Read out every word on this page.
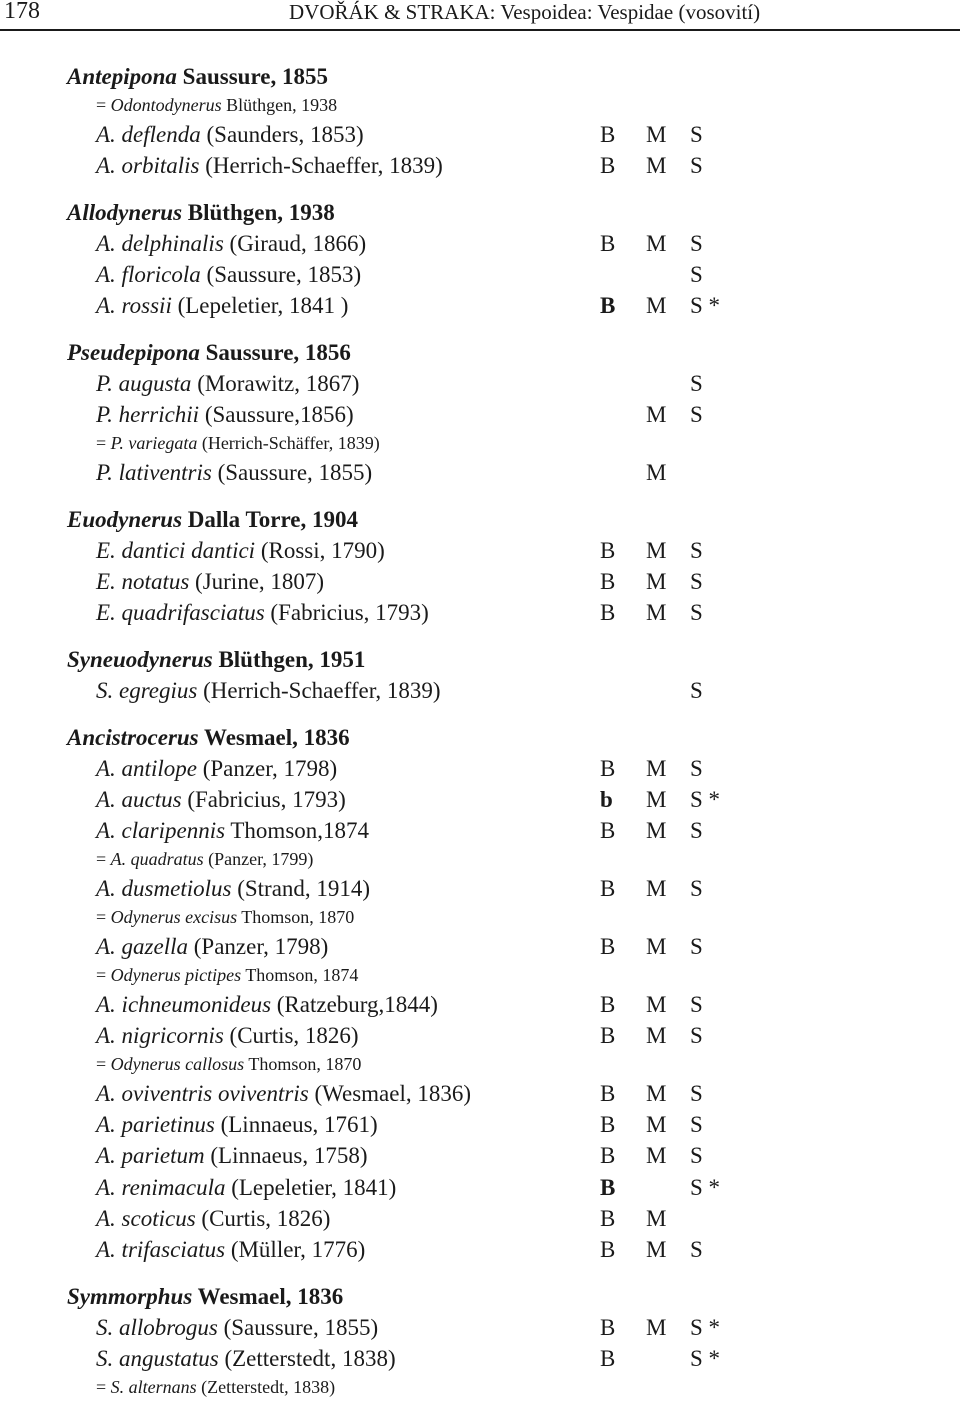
178	DVOŘÁK & STRAKA: Vespoidea: Vespidae (vosovití)
Antepipona Saussure, 1855
= Odontodynerus Blüthgen, 1938
A. deflenda (Saunders, 1853)	B M S
A. orbitalis (Herrich-Schaeffer, 1839)	B M S
Allodynerus Blüthgen, 1938
A. delphinalis (Giraud, 1866)	B M S
A. floricola (Saussure, 1853)	S
A. rossii (Lepeletier, 1841 )	B M S *
Pseudepipona Saussure, 1856
P. augusta (Morawitz, 1867)	S
P. herrichii (Saussure,1856)	M S
= P. variegata (Herrich-Schäffer, 1839)
P. lativentris (Saussure, 1855)	M
Euodynerus Dalla Torre, 1904
E. dantici dantici (Rossi, 1790)	B M S
E. notatus (Jurine, 1807)	B M S
E. quadrifasciatus (Fabricius, 1793)	B M S
Syneuodynerus Blüthgen, 1951
S. egregius (Herrich-Schaeffer, 1839)	S
Ancistrocerus Wesmael, 1836
A. antilope (Panzer, 1798)	B M S
A. auctus (Fabricius, 1793)	b M S *
A. claripennis Thomson,1874	B M S
= A. quadratus (Panzer, 1799)
A. dusmetiolus (Strand, 1914)	B M S
= Odynerus excisus Thomson, 1870
A. gazella (Panzer, 1798)	B M S
= Odynerus pictipes Thomson, 1874
A. ichneumonideus (Ratzeburg,1844)	B M S
A. nigricornis (Curtis, 1826)	B M S
= Odynerus callosus Thomson, 1870
A. oviventris oviventris (Wesmael, 1836)	B M S
A. parietinus (Linnaeus, 1761)	B M S
A. parietum (Linnaeus, 1758)	B M S
A. renimacula (Lepeletier, 1841)	B	S *
A. scoticus (Curtis, 1826)	B M
A. trifasciatus (Müller, 1776)	B M S
Symmorphus Wesmael, 1836
S. allobrogus (Saussure, 1855)	B M S *
S. angustatus (Zetterstedt, 1838)	B	S *
= S. alternans (Zetterstedt, 1838)
